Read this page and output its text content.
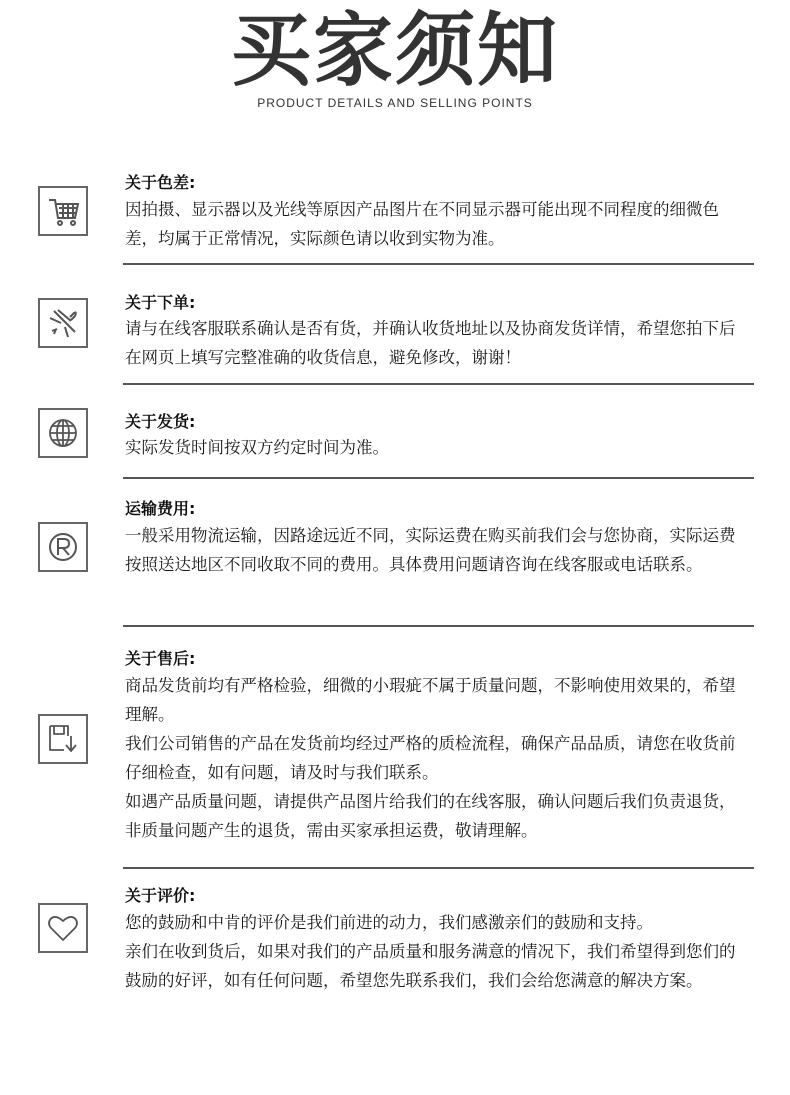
买家须知
PRODUCT DETAILS AND SELLING POINTS
关于色差:

因拍摄、显示器以及光线等原因产品图片在不同显示器可能出现不同程度的细微色差，均属于正常情况，实际颜色请以收到实物为准。

关于下单:

请与在线客服联系确认是否有货，并确认收货地址以及协商发货详情，希望您拍下后在网页上填写完整准确的收货信息，避免修改，谢谢！

关于发货:

实际发货时间按双方约定时间为准。

运输费用:

一般采用物流运输，因路途远近不同，实际运费在购买前我们会与您协商，实际运费按照送达地区不同收取不同的费用。具体费用问题请咨询在线客服或电话联系。

关于售后:

商品发货前均有严格检验，细微的小瑕疵不属于质量问题，不影响使用效果的，希望理解。

我们公司销售的产品在发货前均经过严格的质检流程，确保产品品质，请您在收货前仔细检查，如有问题，请及时与我们联系。

如遇产品质量问题，请提供产品图片给我们的在线客服，确认问题后我们负责退货，非质量问题产生的退货，需由买家承担运费，敬请理解。

关于评价:

您的鼓励和中肯的评价是我们前进的动力，我们感激亲们的鼓励和支持。

亲们在收到货后，如果对我们的产品质量和服务满意的情况下，我们希望得到您们的鼓励的好评，如有任何问题，希望您先联系我们，我们会给您满意的解决方案。
